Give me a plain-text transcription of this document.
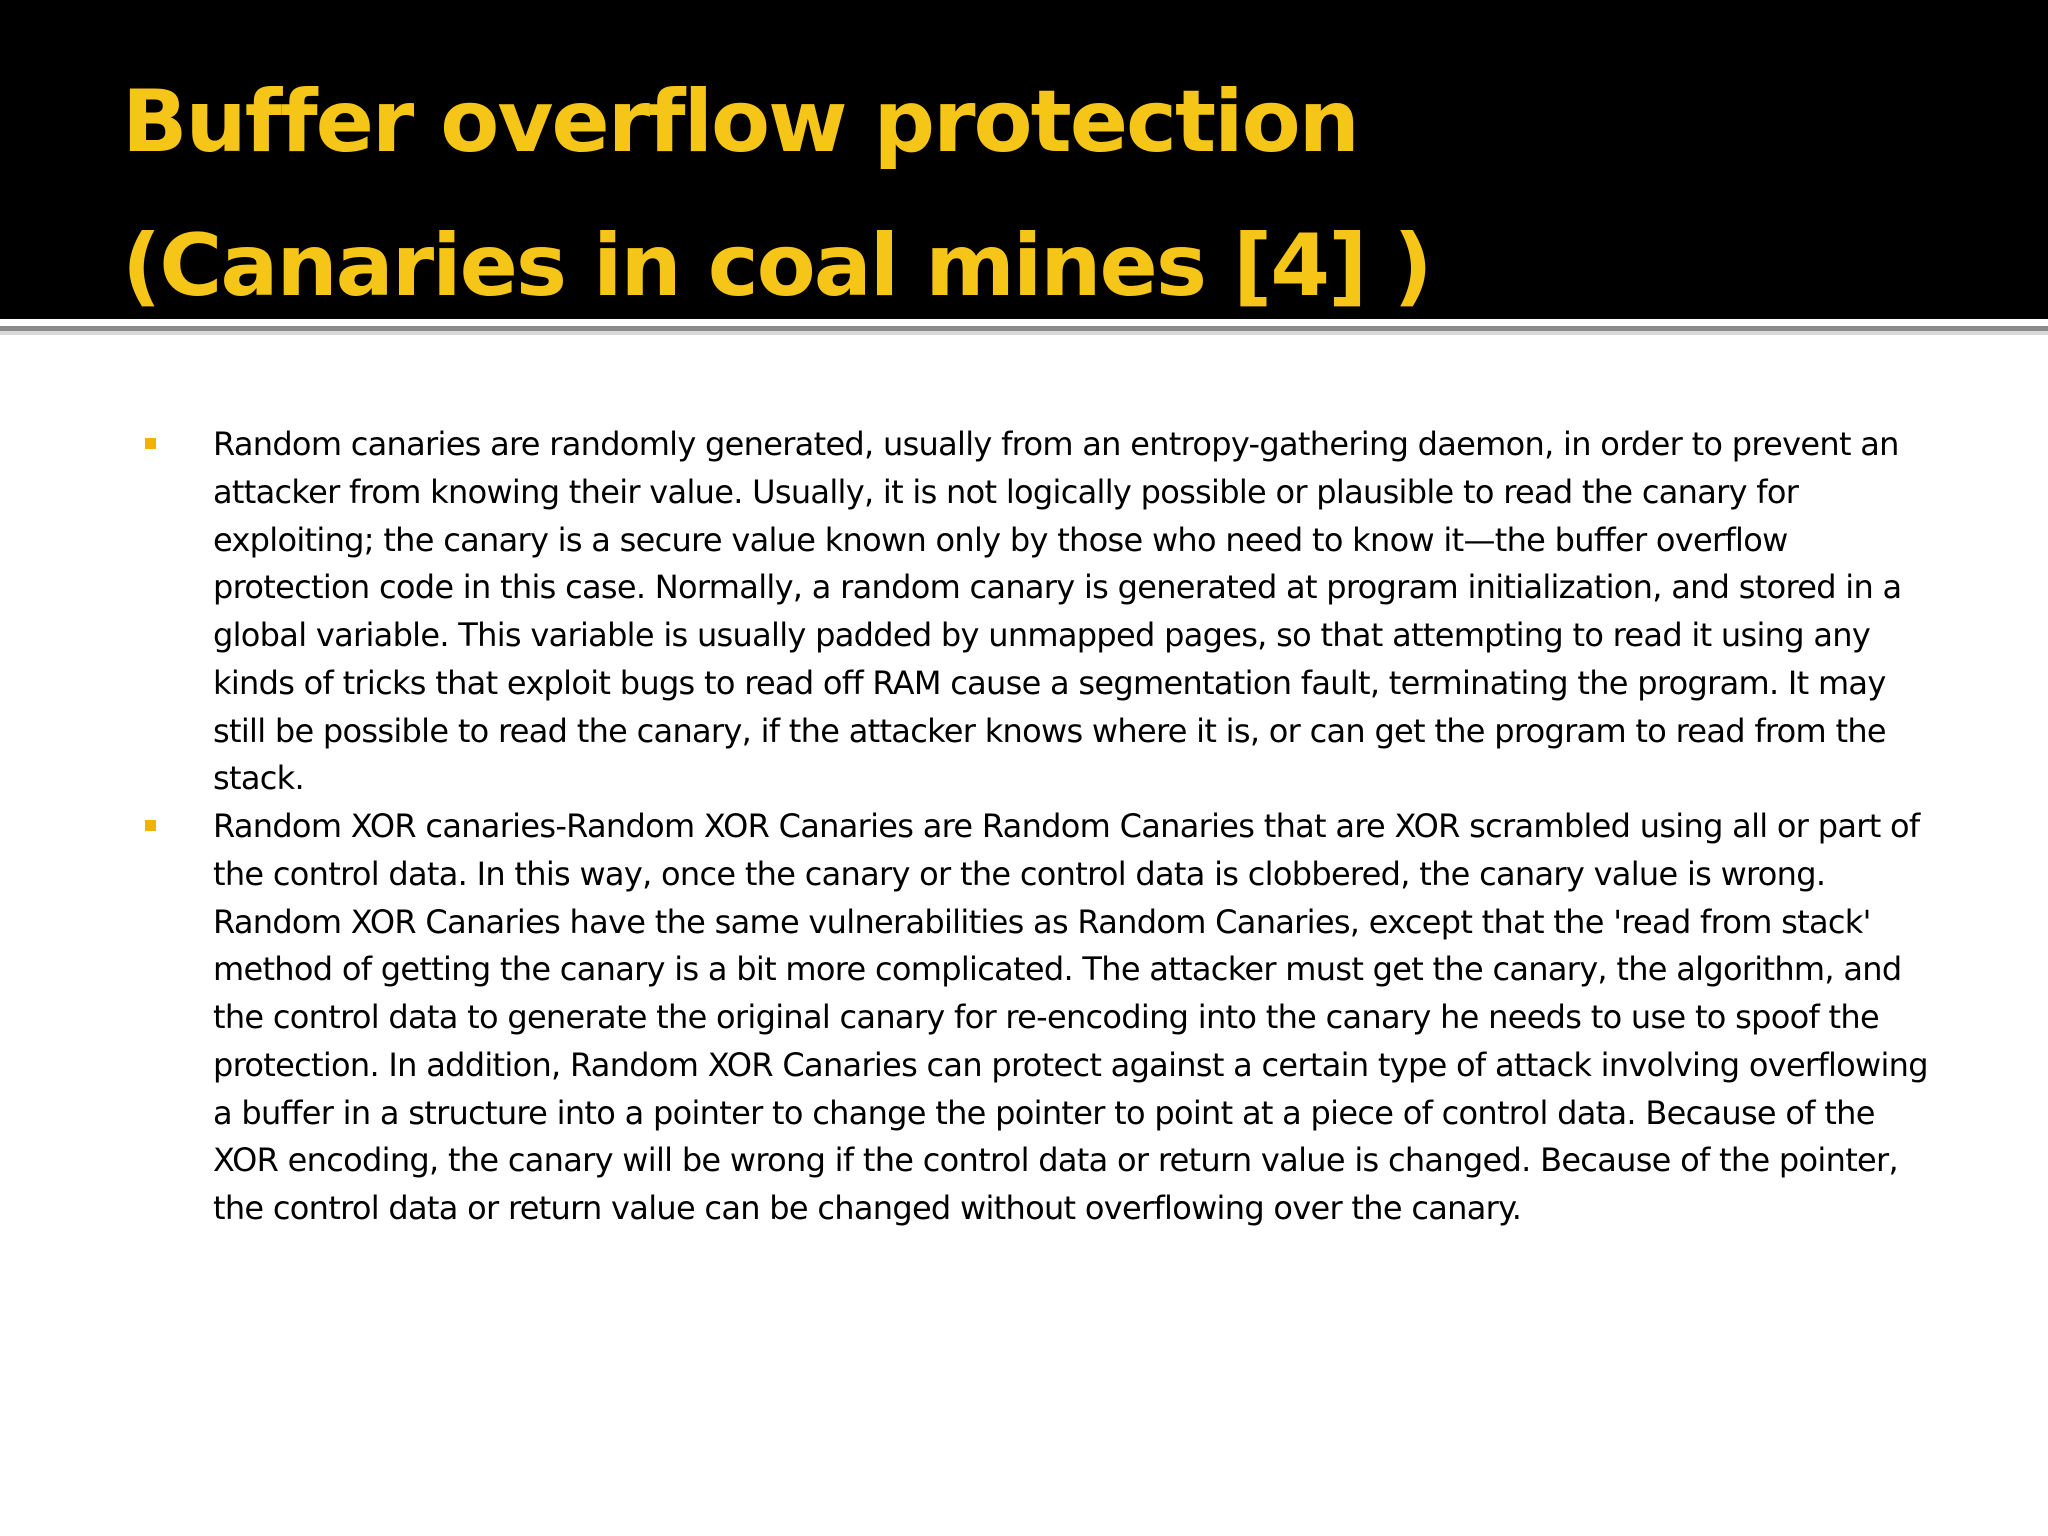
Buffer overflow protection
(Canaries in coal mines [4] )
Random canaries are randomly generated, usually from an entropy-gathering daemon, in order to prevent an attacker from knowing their value. Usually, it is not logically possible or plausible to read the canary for exploiting; the canary is a secure value known only by those who need to know it—the buffer overflow protection code in this case. Normally, a random canary is generated at program initialization, and stored in a global variable. This variable is usually padded by unmapped pages, so that attempting to read it using any kinds of tricks that exploit bugs to read off RAM cause a segmentation fault, terminating the program. It may still be possible to read the canary, if the attacker knows where it is, or can get the program to read from the stack.
Random XOR canaries-Random XOR Canaries are Random Canaries that are XOR scrambled using all or part of the control data. In this way, once the canary or the control data is clobbered, the canary value is wrong. Random XOR Canaries have the same vulnerabilities as Random Canaries, except that the 'read from stack' method of getting the canary is a bit more complicated. The attacker must get the canary, the algorithm, and the control data to generate the original canary for re-encoding into the canary he needs to use to spoof the protection. In addition, Random XOR Canaries can protect against a certain type of attack involving overflowing a buffer in a structure into a pointer to change the pointer to point at a piece of control data. Because of the XOR encoding, the canary will be wrong if the control data or return value is changed. Because of the pointer, the control data or return value can be changed without overflowing over the canary.
